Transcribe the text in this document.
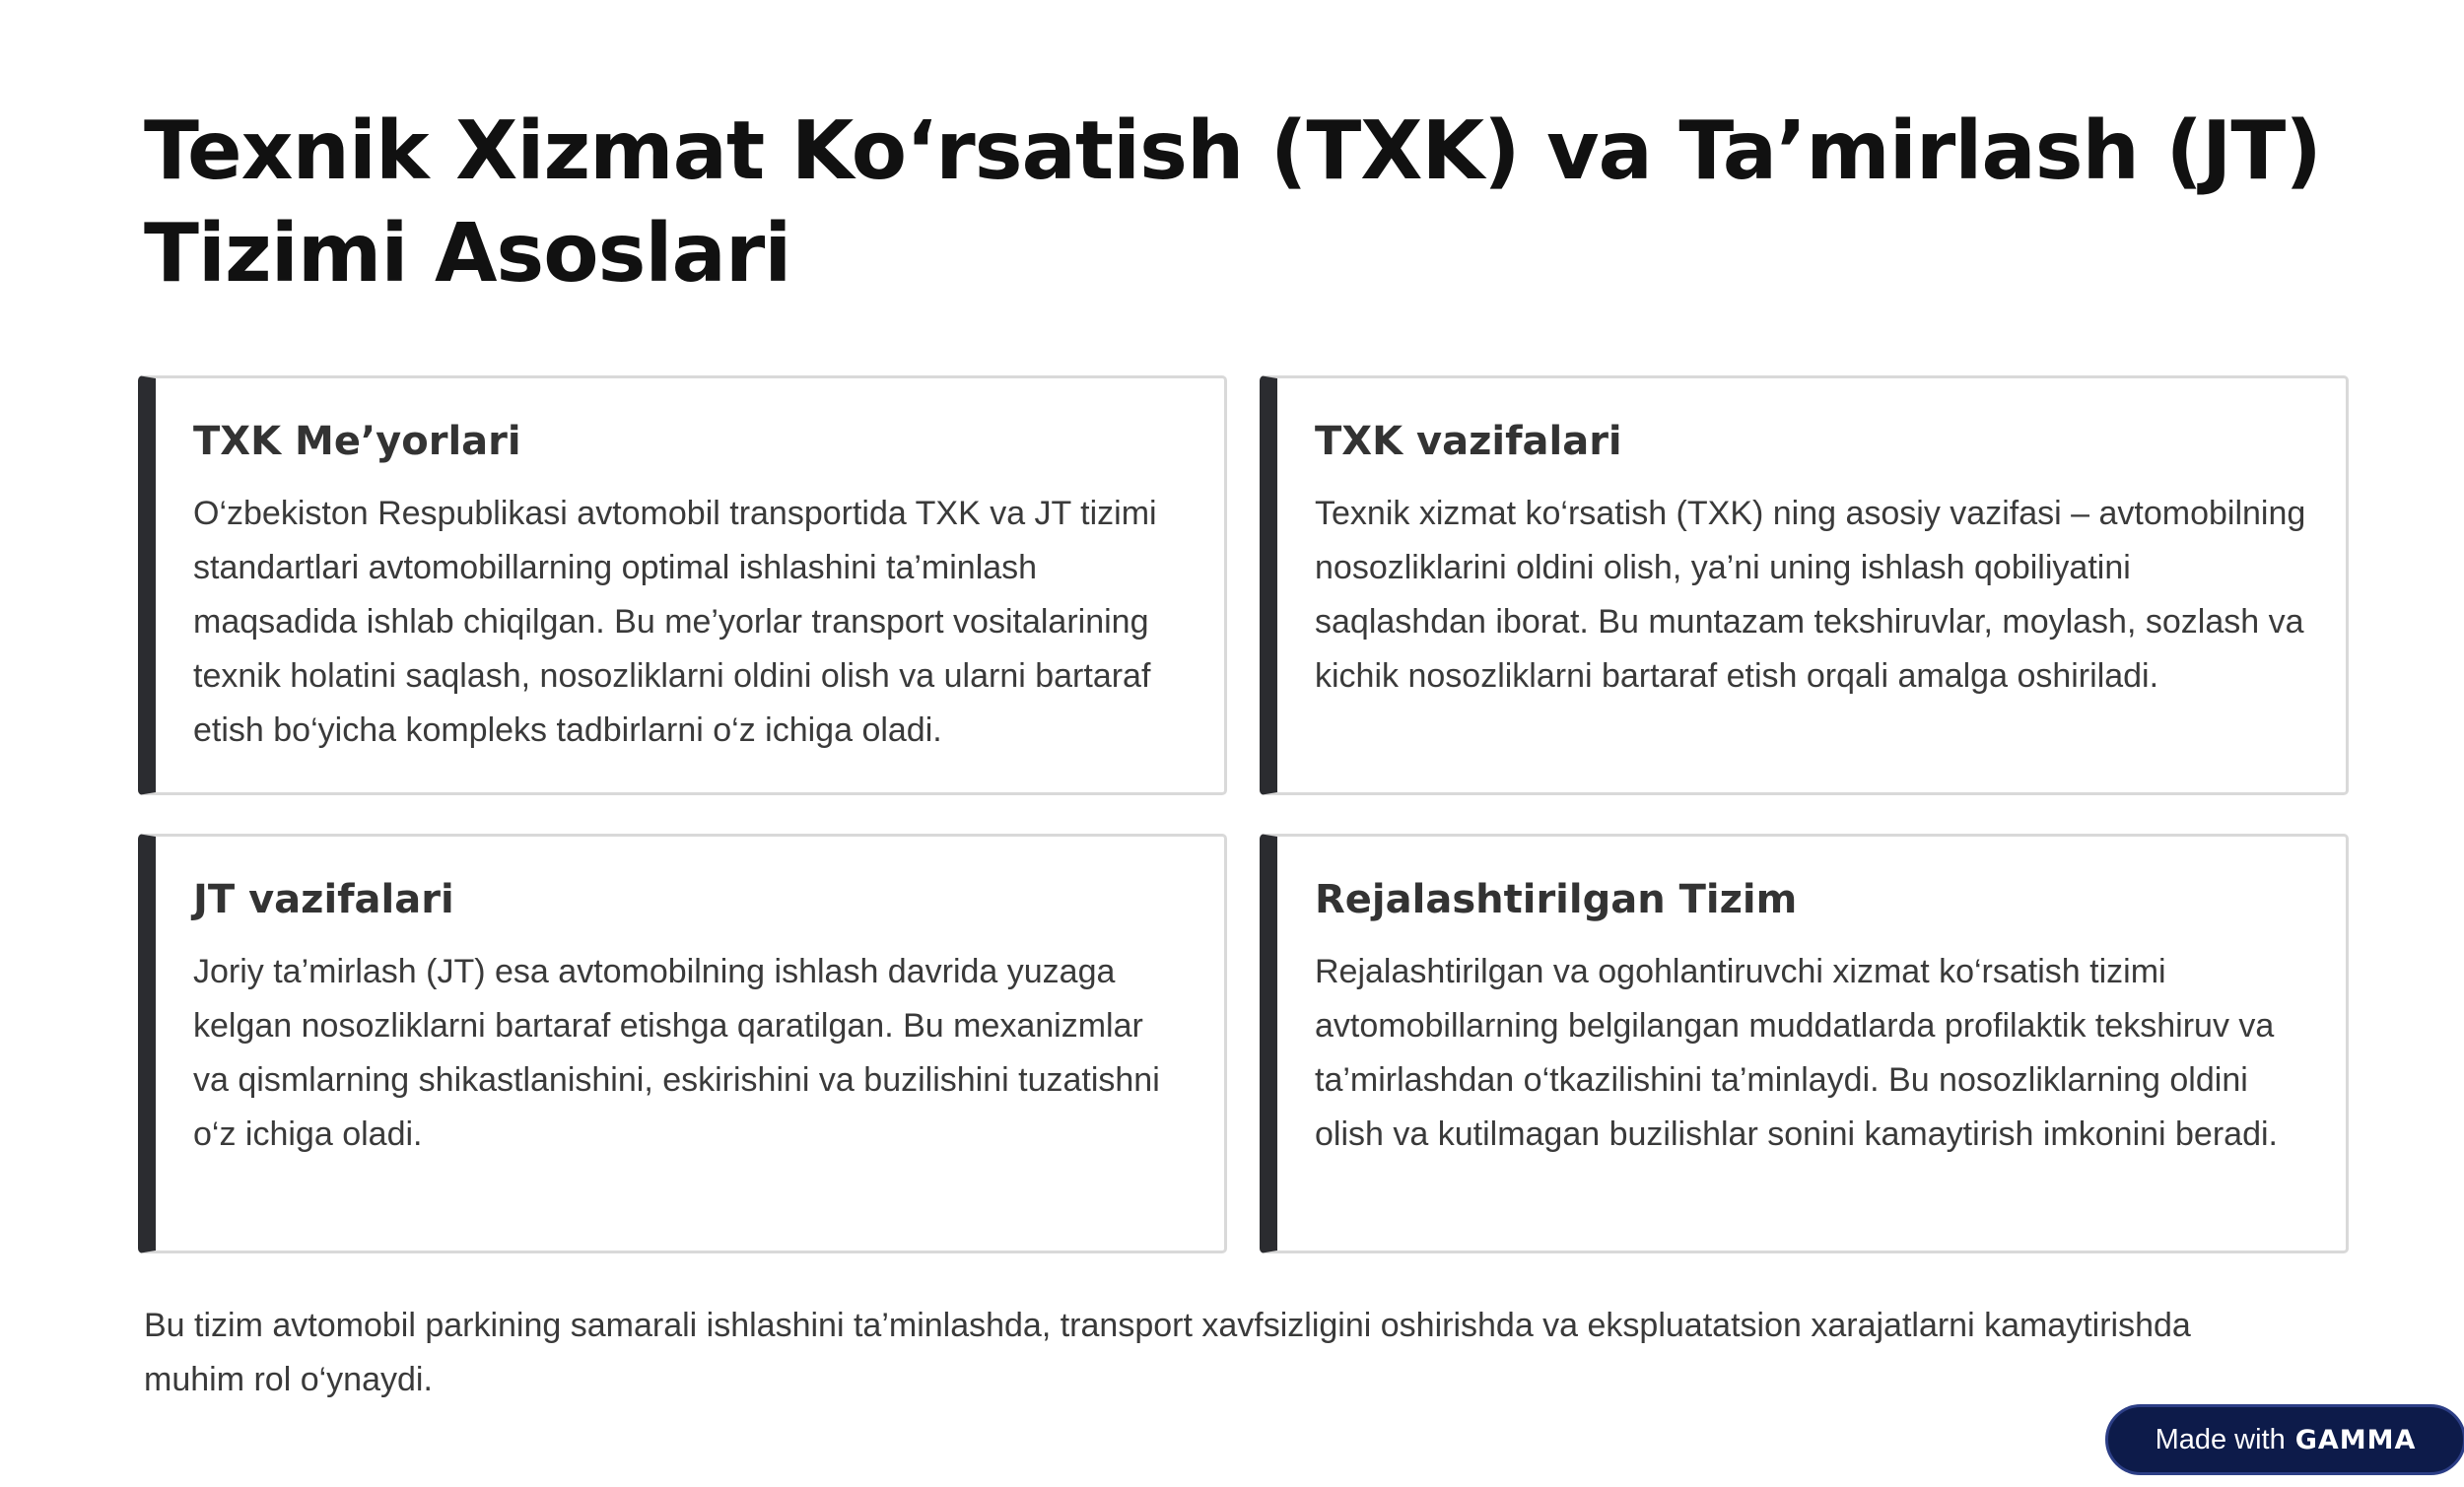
Texnik Xizmat Ko‘rsatish (TXK) va Ta’mirlash (JT) Tizimi Asoslari
TXK Me’yorlari

O‘zbekiston Respublikasi avtomobil transportida TXK va JT tizimi standartlari avtomobillarning optimal ishlashini ta’minlash maqsadida ishlab chiqilgan. Bu me’yorlar transport vositalarining texnik holatini saqlash, nosozliklarni oldini olish va ularni bartaraf etish bo‘yicha kompleks tadbirlarni o‘z ichiga oladi.

TXK vazifalari

Texnik xizmat ko‘rsatish (TXK) ning asosiy vazifasi – avtomobilning nosozliklarini oldini olish, ya’ni uning ishlash qobiliyatini saqlashdan iborat. Bu muntazam tekshiruvlar, moylash, sozlash va kichik nosozliklarni bartaraf etish orqali amalga oshiriladi.

JT vazifalari

Joriy ta’mirlash (JT) esa avtomobilning ishlash davrida yuzaga kelgan nosozliklarni bartaraf etishga qaratilgan. Bu mexanizmlar va qismlarning shikastlanishini, eskirishini va buzilishini tuzatishni o‘z ichiga oladi.

Rejalashtirilgan Tizim

Rejalashtirilgan va ogohlantiruvchi xizmat ko‘rsatish tizimi avtomobillarning belgilangan muddatlarda profilaktik tekshiruv va ta’mirlashdan o‘tkazilishini ta’minlaydi. Bu nosozliklarning oldini olish va kutilmagan buzilishlar sonini kamaytirish imkonini beradi.

Bu tizim avtomobil parkining samarali ishlashini ta’minlashda, transport xavfsizligini oshirishda va ekspluatatsion xarajatlarni kamaytirishda muhim rol o‘ynaydi.

Made with GAMMA
